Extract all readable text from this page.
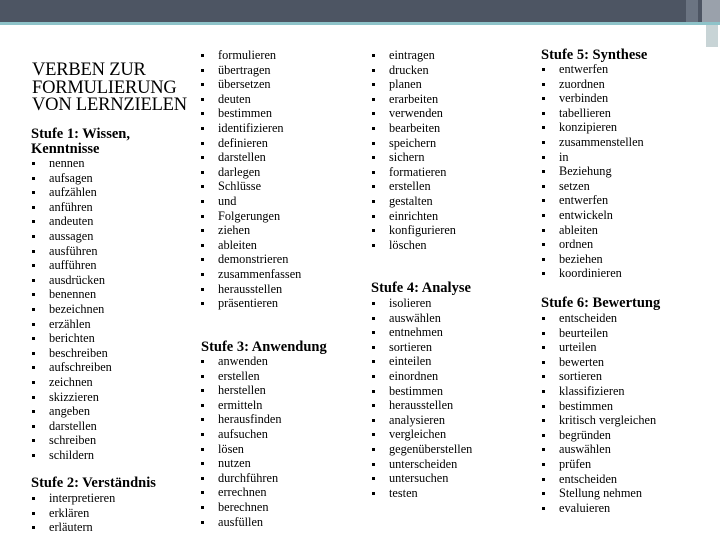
VERBEN ZUR FORMULIERUNG VON LERNZIELEN
Stufe 1: Wissen, Kenntnisse
nennen
aufsagen
aufzählen
anführen
andeuten
aussagen
ausführen
aufführen
ausdrücken
benennen
bezeichnen
erzählen
berichten
beschreiben
aufschreiben
zeichnen
skizzieren
angeben
darstellen
schreiben
schildern
Stufe 2: Verständnis
interpretieren
erklären
erläutern
formulieren
übertragen
übersetzen
deuten
bestimmen
identifizieren
definieren
darstellen
darlegen
Schlüsse
und
Folgerungen
ziehen
ableiten
demonstrieren
zusammenfassen
herausstellen
präsentieren
Stufe 3: Anwendung
anwenden
erstellen
herstellen
ermitteln
herausfinden
aufsuchen
lösen
nutzen
durchführen
errechnen
berechnen
ausfüllen
eintragen
drucken
planen
erarbeiten
verwenden
bearbeiten
speichern
sichern
formatieren
erstellen
gestalten
einrichten
konfigurieren
löschen
Stufe 4: Analyse
isolieren
auswählen
entnehmen
sortieren
einteilen
einordnen
bestimmen
herausstellen
analysieren
vergleichen
gegenüberstellen
unterscheiden
untersuchen
testen
Stufe 5: Synthese
entwerfen
zuordnen
verbinden
tabellieren
konzipieren
zusammenstellen
in
Beziehung
setzen
entwerfen
entwickeln
ableiten
ordnen
beziehen
koordinieren
Stufe 6: Bewertung
entscheiden
beurteilen
urteilen
bewerten
sortieren
klassifizieren
bestimmen
kritisch vergleichen
begründen
auswählen
prüfen
entscheiden
Stellung nehmen
evaluieren
